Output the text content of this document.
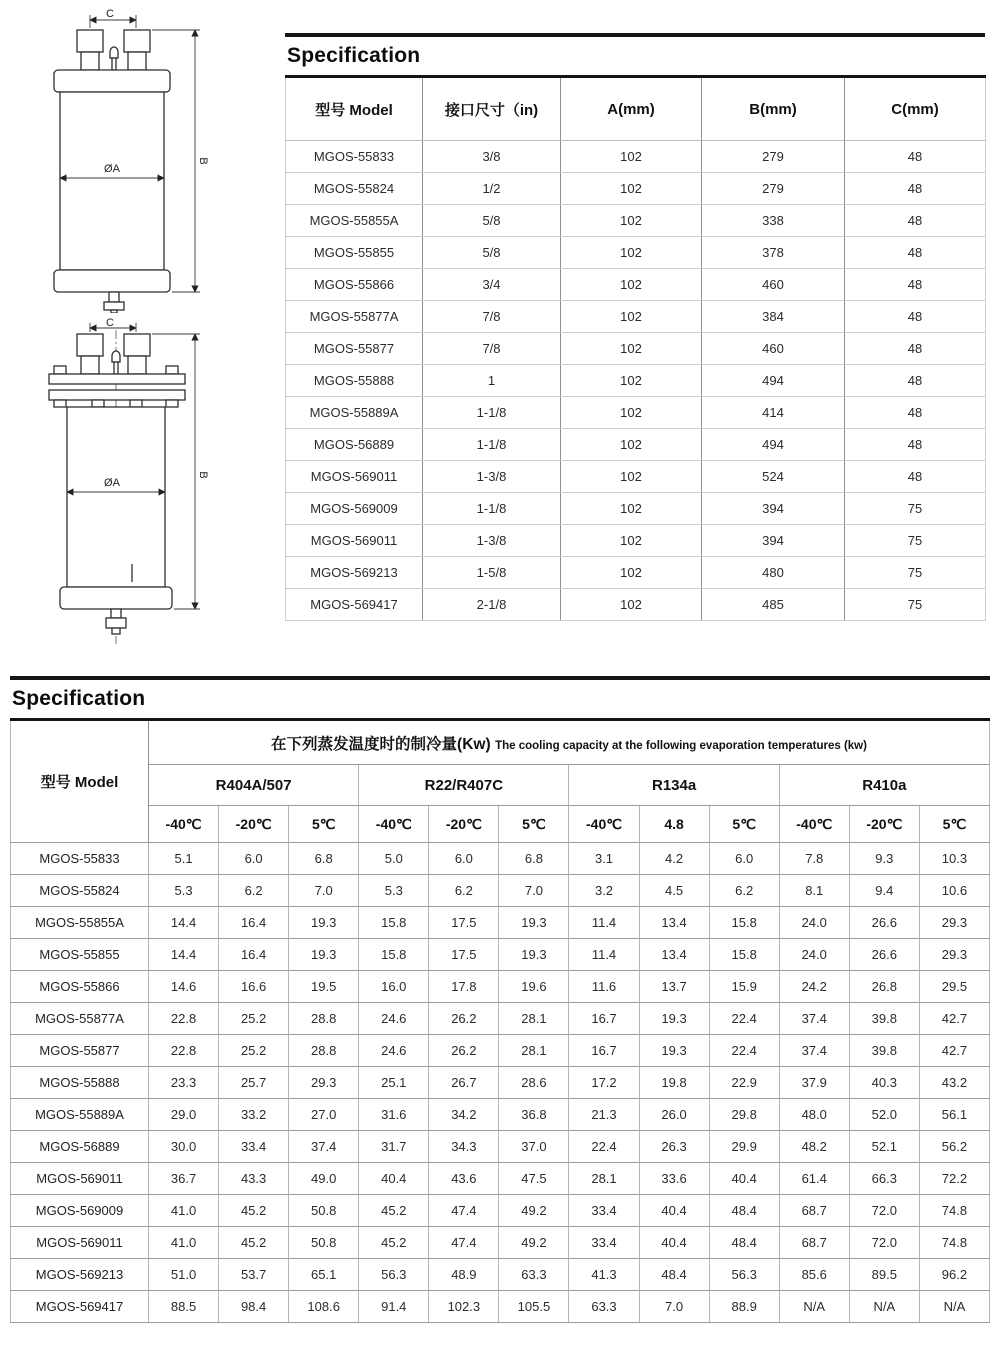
C
ØA
B
C
ØA
B
Specification
型号 Model	接口尺寸（in)	A(mm)	B(mm)	C(mm)
MGOS-55833	3/8	102	279	48
MGOS-55824	1/2	102	279	48
MGOS-55855A	5/8	102	338	48
MGOS-55855	5/8	102	378	48
MGOS-55866	3/4	102	460	48
MGOS-55877A	7/8	102	384	48
MGOS-55877	7/8	102	460	48
MGOS-55888	1	102	494	48
MGOS-55889A	1-1/8	102	414	48
MGOS-56889	1-1/8	102	494	48
MGOS-569011	1-3/8	102	524	48
MGOS-569009	1-1/8	102	394	75
MGOS-569011	1-3/8	102	394	75
MGOS-569213	1-5/8	102	480	75
MGOS-569417	2-1/8	102	485	75
Specification
型号 Model	在下列蒸发温度时的制冷量(Kw) The cooling capacity at the following evaporation temperatures (kw)											
	R404A/507			R22/R407C			R134a			R410a		
	-40℃	-20℃	5℃	-40℃	-20℃	5℃	-40℃	4.8	5℃	-40℃	-20℃	5℃
MGOS-55833	5.1	6.0	6.8	5.0	6.0	6.8	3.1	4.2	6.0	7.8	9.3	10.3
MGOS-55824	5.3	6.2	7.0	5.3	6.2	7.0	3.2	4.5	6.2	8.1	9.4	10.6
MGOS-55855A	14.4	16.4	19.3	15.8	17.5	19.3	11.4	13.4	15.8	24.0	26.6	29.3
MGOS-55855	14.4	16.4	19.3	15.8	17.5	19.3	11.4	13.4	15.8	24.0	26.6	29.3
MGOS-55866	14.6	16.6	19.5	16.0	17.8	19.6	11.6	13.7	15.9	24.2	26.8	29.5
MGOS-55877A	22.8	25.2	28.8	24.6	26.2	28.1	16.7	19.3	22.4	37.4	39.8	42.7
MGOS-55877	22.8	25.2	28.8	24.6	26.2	28.1	16.7	19.3	22.4	37.4	39.8	42.7
MGOS-55888	23.3	25.7	29.3	25.1	26.7	28.6	17.2	19.8	22.9	37.9	40.3	43.2
MGOS-55889A	29.0	33.2	27.0	31.6	34.2	36.8	21.3	26.0	29.8	48.0	52.0	56.1
MGOS-56889	30.0	33.4	37.4	31.7	34.3	37.0	22.4	26.3	29.9	48.2	52.1	56.2
MGOS-569011	36.7	43.3	49.0	40.4	43.6	47.5	28.1	33.6	40.4	61.4	66.3	72.2
MGOS-569009	41.0	45.2	50.8	45.2	47.4	49.2	33.4	40.4	48.4	68.7	72.0	74.8
MGOS-569011	41.0	45.2	50.8	45.2	47.4	49.2	33.4	40.4	48.4	68.7	72.0	74.8
MGOS-569213	51.0	53.7	65.1	56.3	48.9	63.3	41.3	48.4	56.3	85.6	89.5	96.2
MGOS-569417	88.5	98.4	108.6	91.4	102.3	105.5	63.3	7.0	88.9	N/A	N/A	N/A
